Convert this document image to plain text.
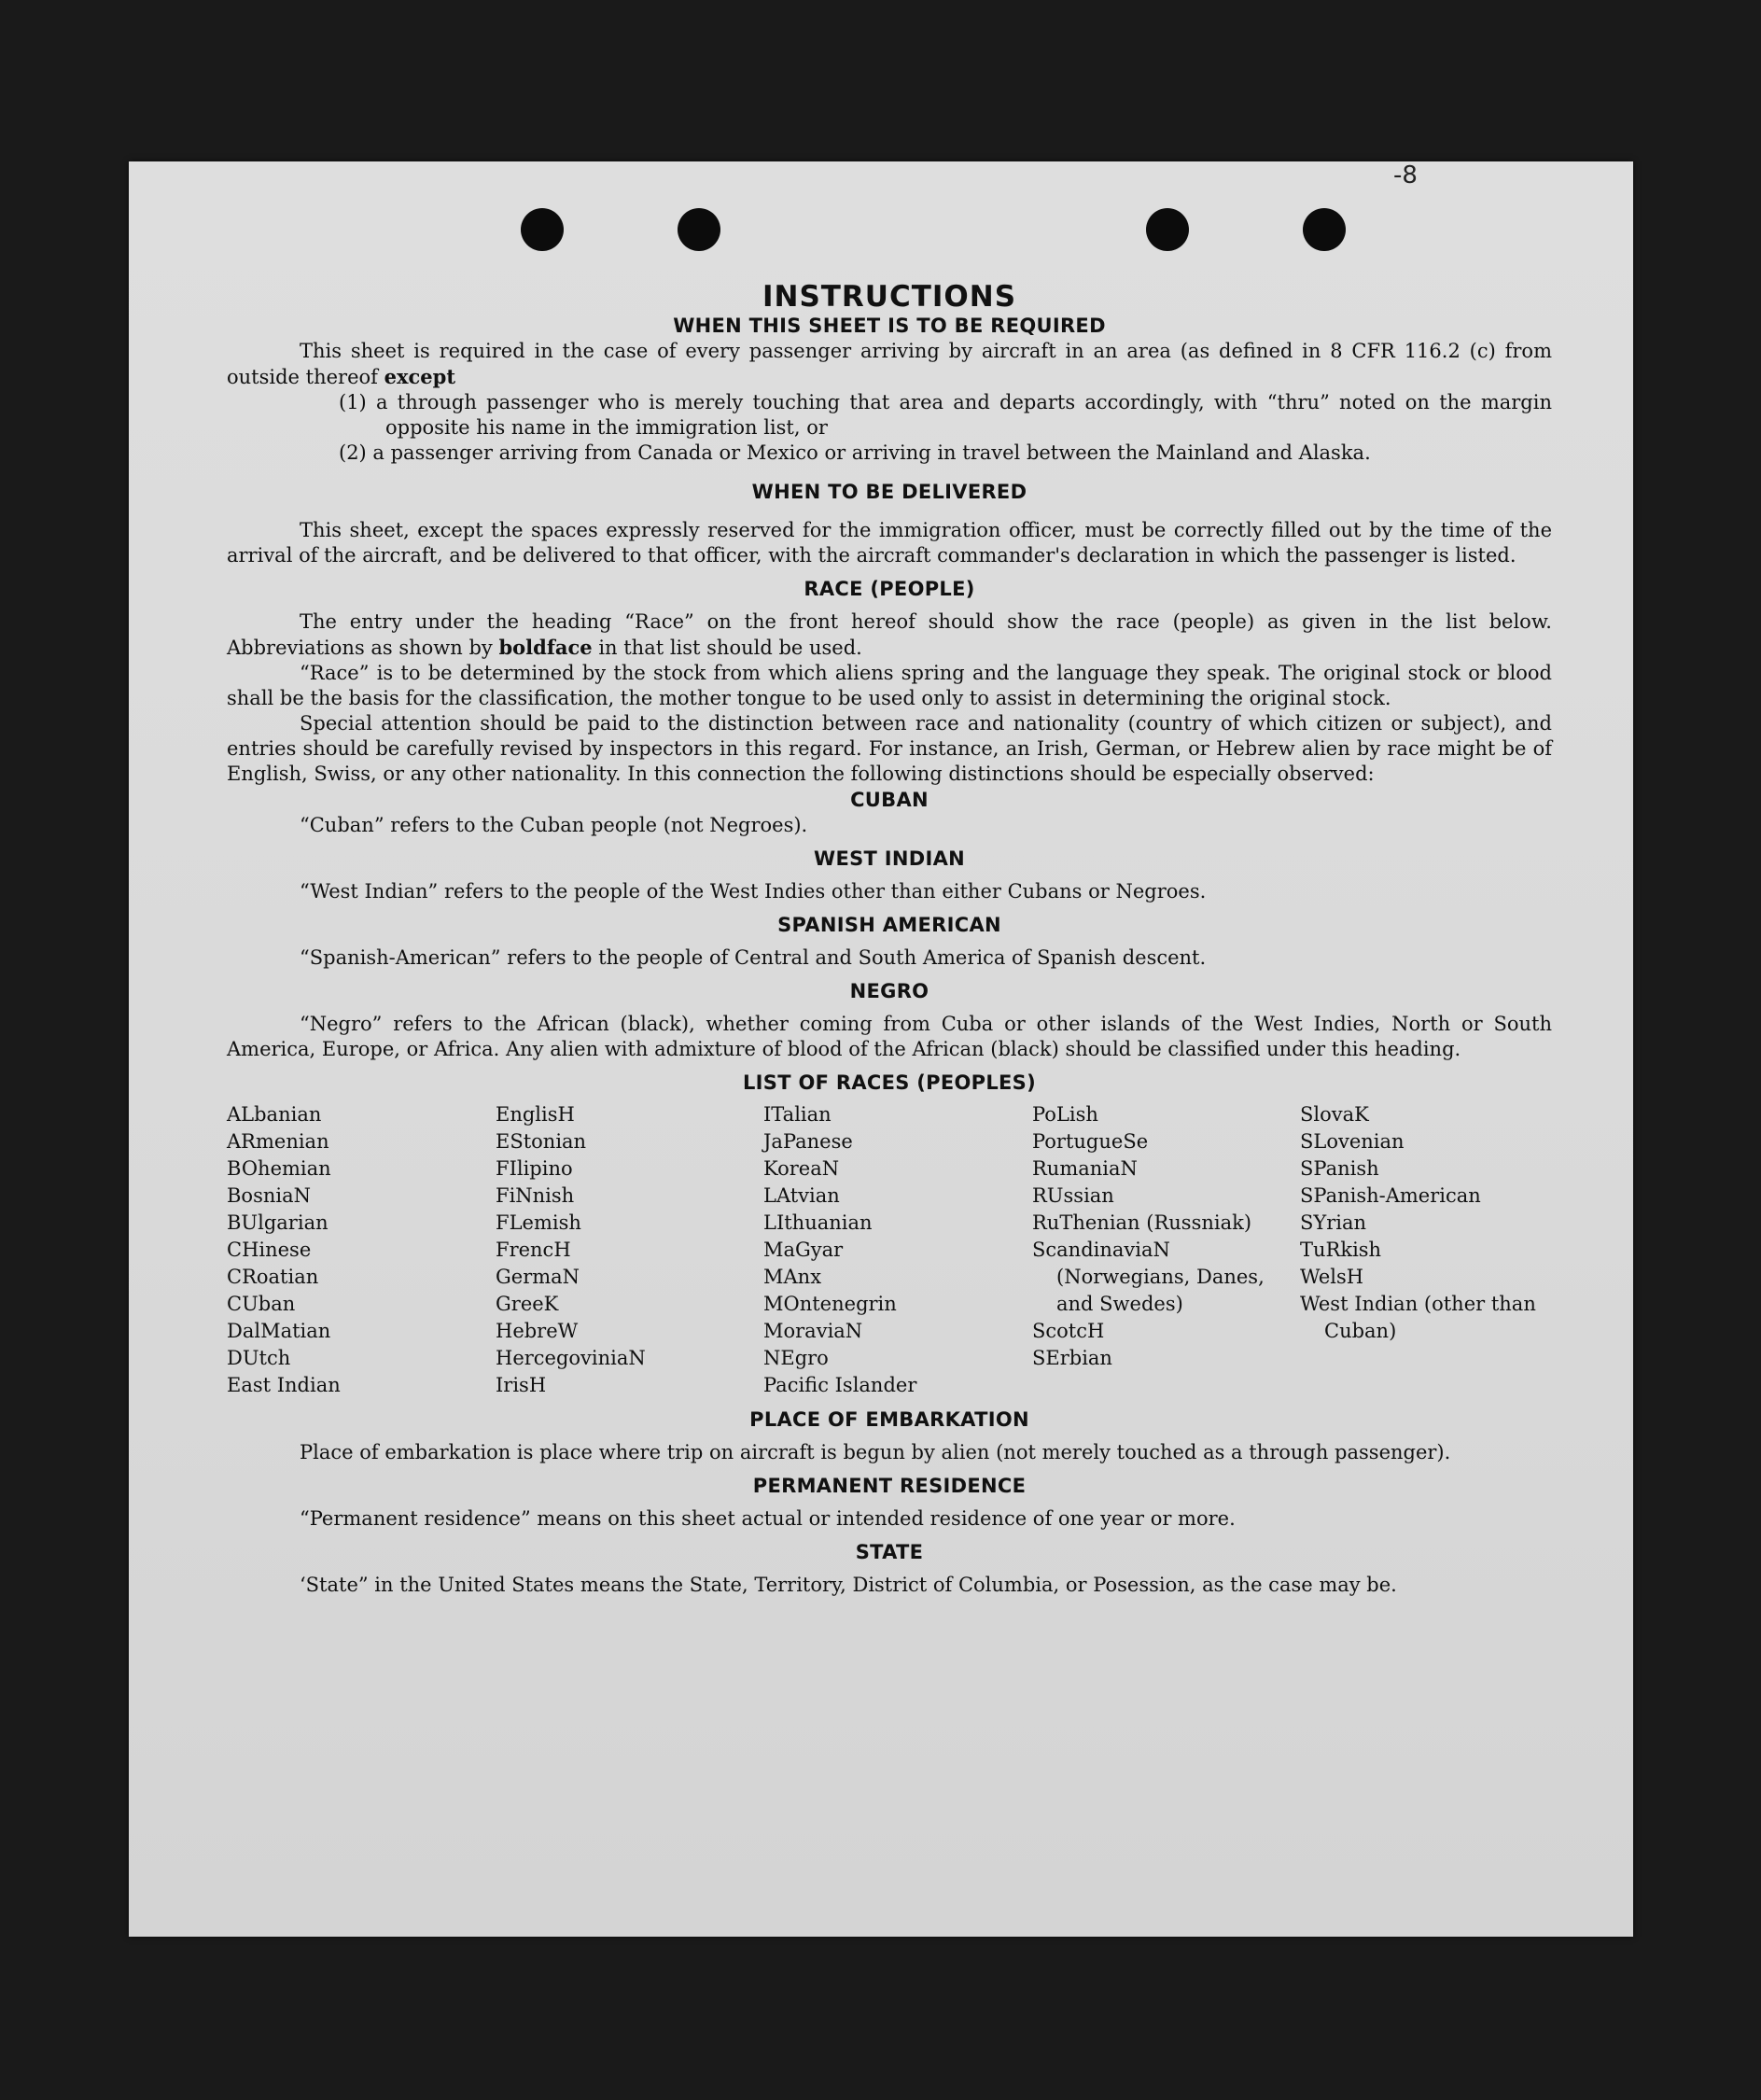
-8
INSTRUCTIONS
WHEN THIS SHEET IS TO BE REQUIRED

This sheet is required in the case of every passenger arriving by aircraft in an area (as defined in 8 CFR 116.2 (c) from outside thereof except

(1) a through passenger who is merely touching that area and departs accordingly, with “thru” noted on the margin opposite his name in the immigration list, or

(2) a passenger arriving from Canada or Mexico or arriving in travel between the Mainland and Alaska.

WHEN TO BE DELIVERED

This sheet, except the spaces expressly reserved for the immigration officer, must be correctly filled out by the time of the arrival of the aircraft, and be delivered to that officer, with the aircraft commander's declaration in which the passenger is listed.

RACE (PEOPLE)

The entry under the heading “Race” on the front hereof should show the race (people) as given in the list below. Abbreviations as shown by boldface in that list should be used.

“Race” is to be determined by the stock from which aliens spring and the language they speak. The original stock or blood shall be the basis for the classification, the mother tongue to be used only to assist in determining the original stock.

Special attention should be paid to the distinction between race and nationality (country of which citizen or subject), and entries should be carefully revised by inspectors in this regard. For instance, an Irish, German, or Hebrew alien by race might be of English, Swiss, or any other nationality. In this connection the following distinctions should be especially observed:

CUBAN

“Cuban” refers to the Cuban people (not Negroes).

WEST INDIAN

“West Indian” refers to the people of the West Indies other than either Cubans or Negroes.

SPANISH AMERICAN

“Spanish-American” refers to the people of Central and South America of Spanish descent.

NEGRO

“Negro” refers to the African (black), whether coming from Cuba or other islands of the West Indies, North or South America, Europe, or Africa. Any alien with admixture of blood of the African (black) should be classified under this heading.

LIST OF RACES (PEOPLES)
ALbanian
ARmenian
BOhemian
BosniaN
BUlgarian
CHinese
CRoatian
CUban
DalMatian
DUtch
East Indian
EnglisH
EStonian
FIlipino
FiNnish
FLemish
FrencH
GermaN
GreeK
HebreW
HercegoviniaN
IrisH
ITalian
JaPanese
KoreaN
LAtvian
LIthuanian
MaGyar
MAnx
MOntenegrin
MoraviaN
NEgro
Pacific Islander
PoLish
PortugueSe
RumaniaN
RUssian
RuThenian (Russniak)
ScandinaviaN (Norwegians, Danes, and Swedes)
ScotcH
SErbian
SlovaK
SLovenian
SPanish
SPanish-American
SYrian
TuRkish
WelsH
West Indian (other than Cuban)
PLACE OF EMBARKATION

Place of embarkation is place where trip on aircraft is begun by alien (not merely touched as a through passenger).

PERMANENT RESIDENCE

“Permanent residence” means on this sheet actual or intended residence of one year or more.

STATE

‘State” in the United States means the State, Territory, District of Columbia, or Posession, as the case may be.
